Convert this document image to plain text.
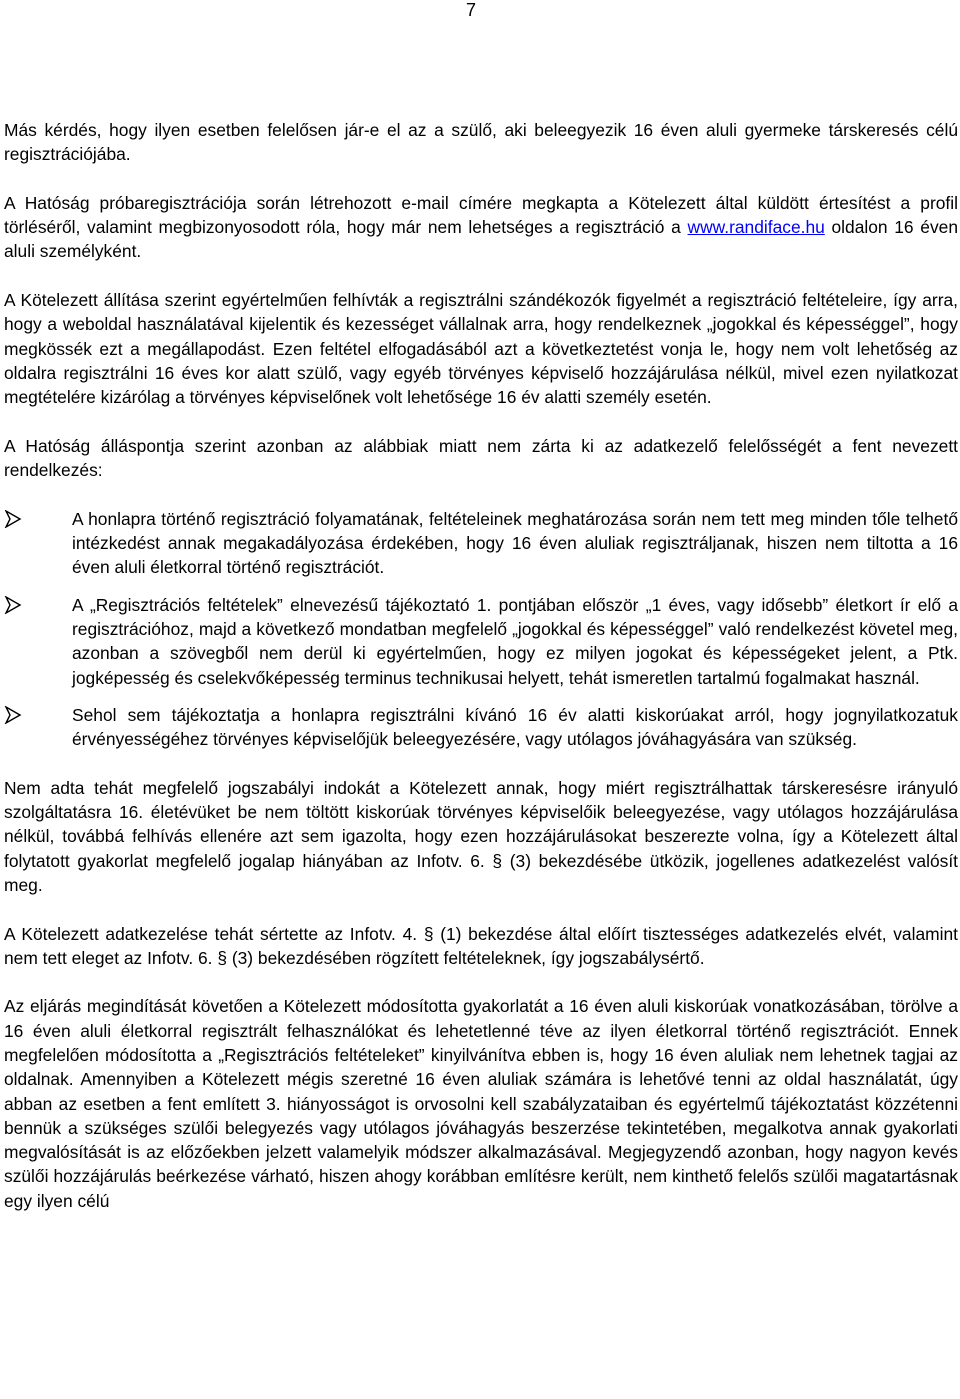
7

Más kérdés, hogy ilyen esetben felelősen jár-e el az a szülő, aki beleegyezik 16 éven aluli gyermeke társkeresés célú regisztrációjába.

A Hatóság próbaregisztrációja során létrehozott e-mail címére megkapta a Kötelezett által küldött értesítést a profil törléséről, valamint megbizonyosodott róla, hogy már nem lehetséges a regisztráció a www.randiface.hu oldalon 16 éven aluli személyként.

A Kötelezett állítása szerint egyértelműen felhívták a regisztrálni szándékozók figyelmét a regisztráció feltételeire, így arra, hogy a weboldal használatával kijelentik és kezességet vállalnak arra, hogy rendelkeznek „jogokkal és képességgel”, hogy megkössék ezt a megállapodást. Ezen feltétel elfogadásából azt a következtetést vonja le, hogy nem volt lehetőség az oldalra regisztrálni 16 éves kor alatt szülő, vagy egyéb törvényes képviselő hozzájárulása nélkül, mivel ezen nyilatkozat megtételére kizárólag a törvényes képviselőnek volt lehetősége 16 év alatti személy esetén.

A Hatóság álláspontja szerint azonban az alábbiak miatt nem zárta ki az adatkezelő felelősségét a fent nevezett rendelkezés:

A honlapra történő regisztráció folyamatának, feltételeinek meghatározása során nem tett meg minden tőle telhető intézkedést annak megakadályozása érdekében, hogy 16 éven aluliak regisztráljanak, hiszen nem tiltotta a 16 éven aluli életkorral történő regisztrációt.
A „Regisztrációs feltételek” elnevezésű tájékoztató 1. pontjában először „1 éves, vagy idősebb” életkort ír elő a regisztrációhoz, majd a következő mondatban megfelelő „jogokkal és képességgel” való rendelkezést követel meg, azonban a szövegből nem derül ki egyértelműen, hogy ez milyen jogokat és képességeket jelent, a Ptk. jogképesség és cselekvőképesség terminus technikusai helyett, tehát ismeretlen tartalmú fogalmakat használ.
Sehol sem tájékoztatja a honlapra regisztrálni kívánó 16 év alatti kiskorúakat arról, hogy jognyilatkozatuk érvényességéhez törvényes képviselőjük beleegyezésére, vagy utólagos jóváhagyására van szükség.

Nem adta tehát megfelelő jogszabályi indokát a Kötelezett annak, hogy miért regisztrálhattak társkeresésre irányuló szolgáltatásra 16. életévüket be nem töltött kiskorúak törvényes képviselőik beleegyezése, vagy utólagos hozzájárulása nélkül, továbbá felhívás ellenére azt sem igazolta, hogy ezen hozzájárulásokat beszerezte volna, így a Kötelezett által folytatott gyakorlat megfelelő jogalap hiányában az Infotv. 6. § (3) bekezdésébe ütközik, jogellenes adatkezelést valósít meg.

A Kötelezett adatkezelése tehát sértette az Infotv. 4. § (1) bekezdése által előírt tisztességes adatkezelés elvét, valamint nem tett eleget az Infotv. 6. § (3) bekezdésében rögzített feltételeknek, így jogszabálysértő.

Az eljárás megindítását követően a Kötelezett módosította gyakorlatát a 16 éven aluli kiskorúak vonatkozásában, törölve a 16 éven aluli életkorral regisztrált felhasználókat és lehetetlenné téve az ilyen életkorral történő regisztrációt. Ennek megfelelően módosította a „Regisztrációs feltételeket” kinyilvánítva ebben is, hogy 16 éven aluliak nem lehetnek tagjai az oldalnak. Amennyiben a Kötelezett mégis szeretné 16 éven aluliak számára is lehetővé tenni az oldal használatát, úgy abban az esetben a fent említett 3. hiányosságot is orvosolni kell szabályzataiban és egyértelmű tájékoztatást közzétenni bennük a szükséges szülői belegyezés vagy utólagos jóváhagyás beszerzése tekintetében, megalkotva annak gyakorlati megvalósítását is az előzőekben jelzett valamelyik módszer alkalmazásával. Megjegyzendő azonban, hogy nagyon kevés szülői hozzájárulás beérkezése várható, hiszen ahogy korábban említésre került, nem kinthető felelős szülői magatartásnak egy ilyen célú
